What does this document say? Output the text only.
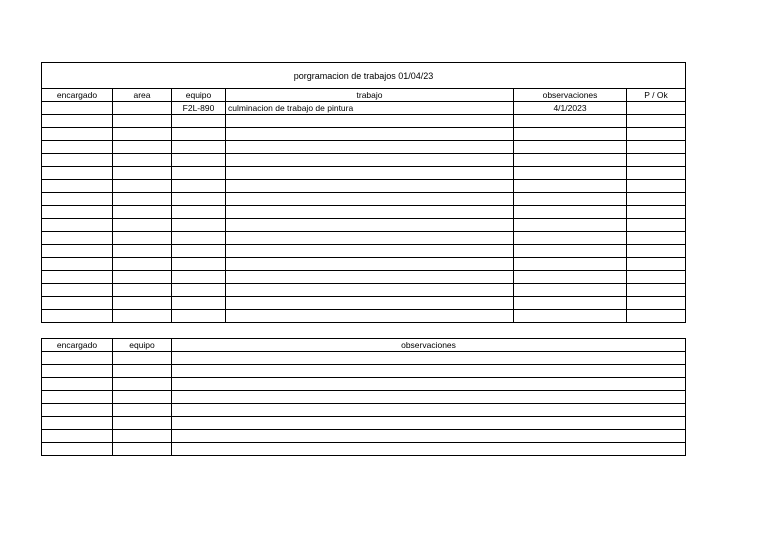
porgramacion de trabajos 01/04/23					
encargado	area	equipo	trabajo	observaciones	P / Ok
		F2L-890	culminacion de trabajo de pintura	4/1/2023	

encargado	equipo	observaciones
